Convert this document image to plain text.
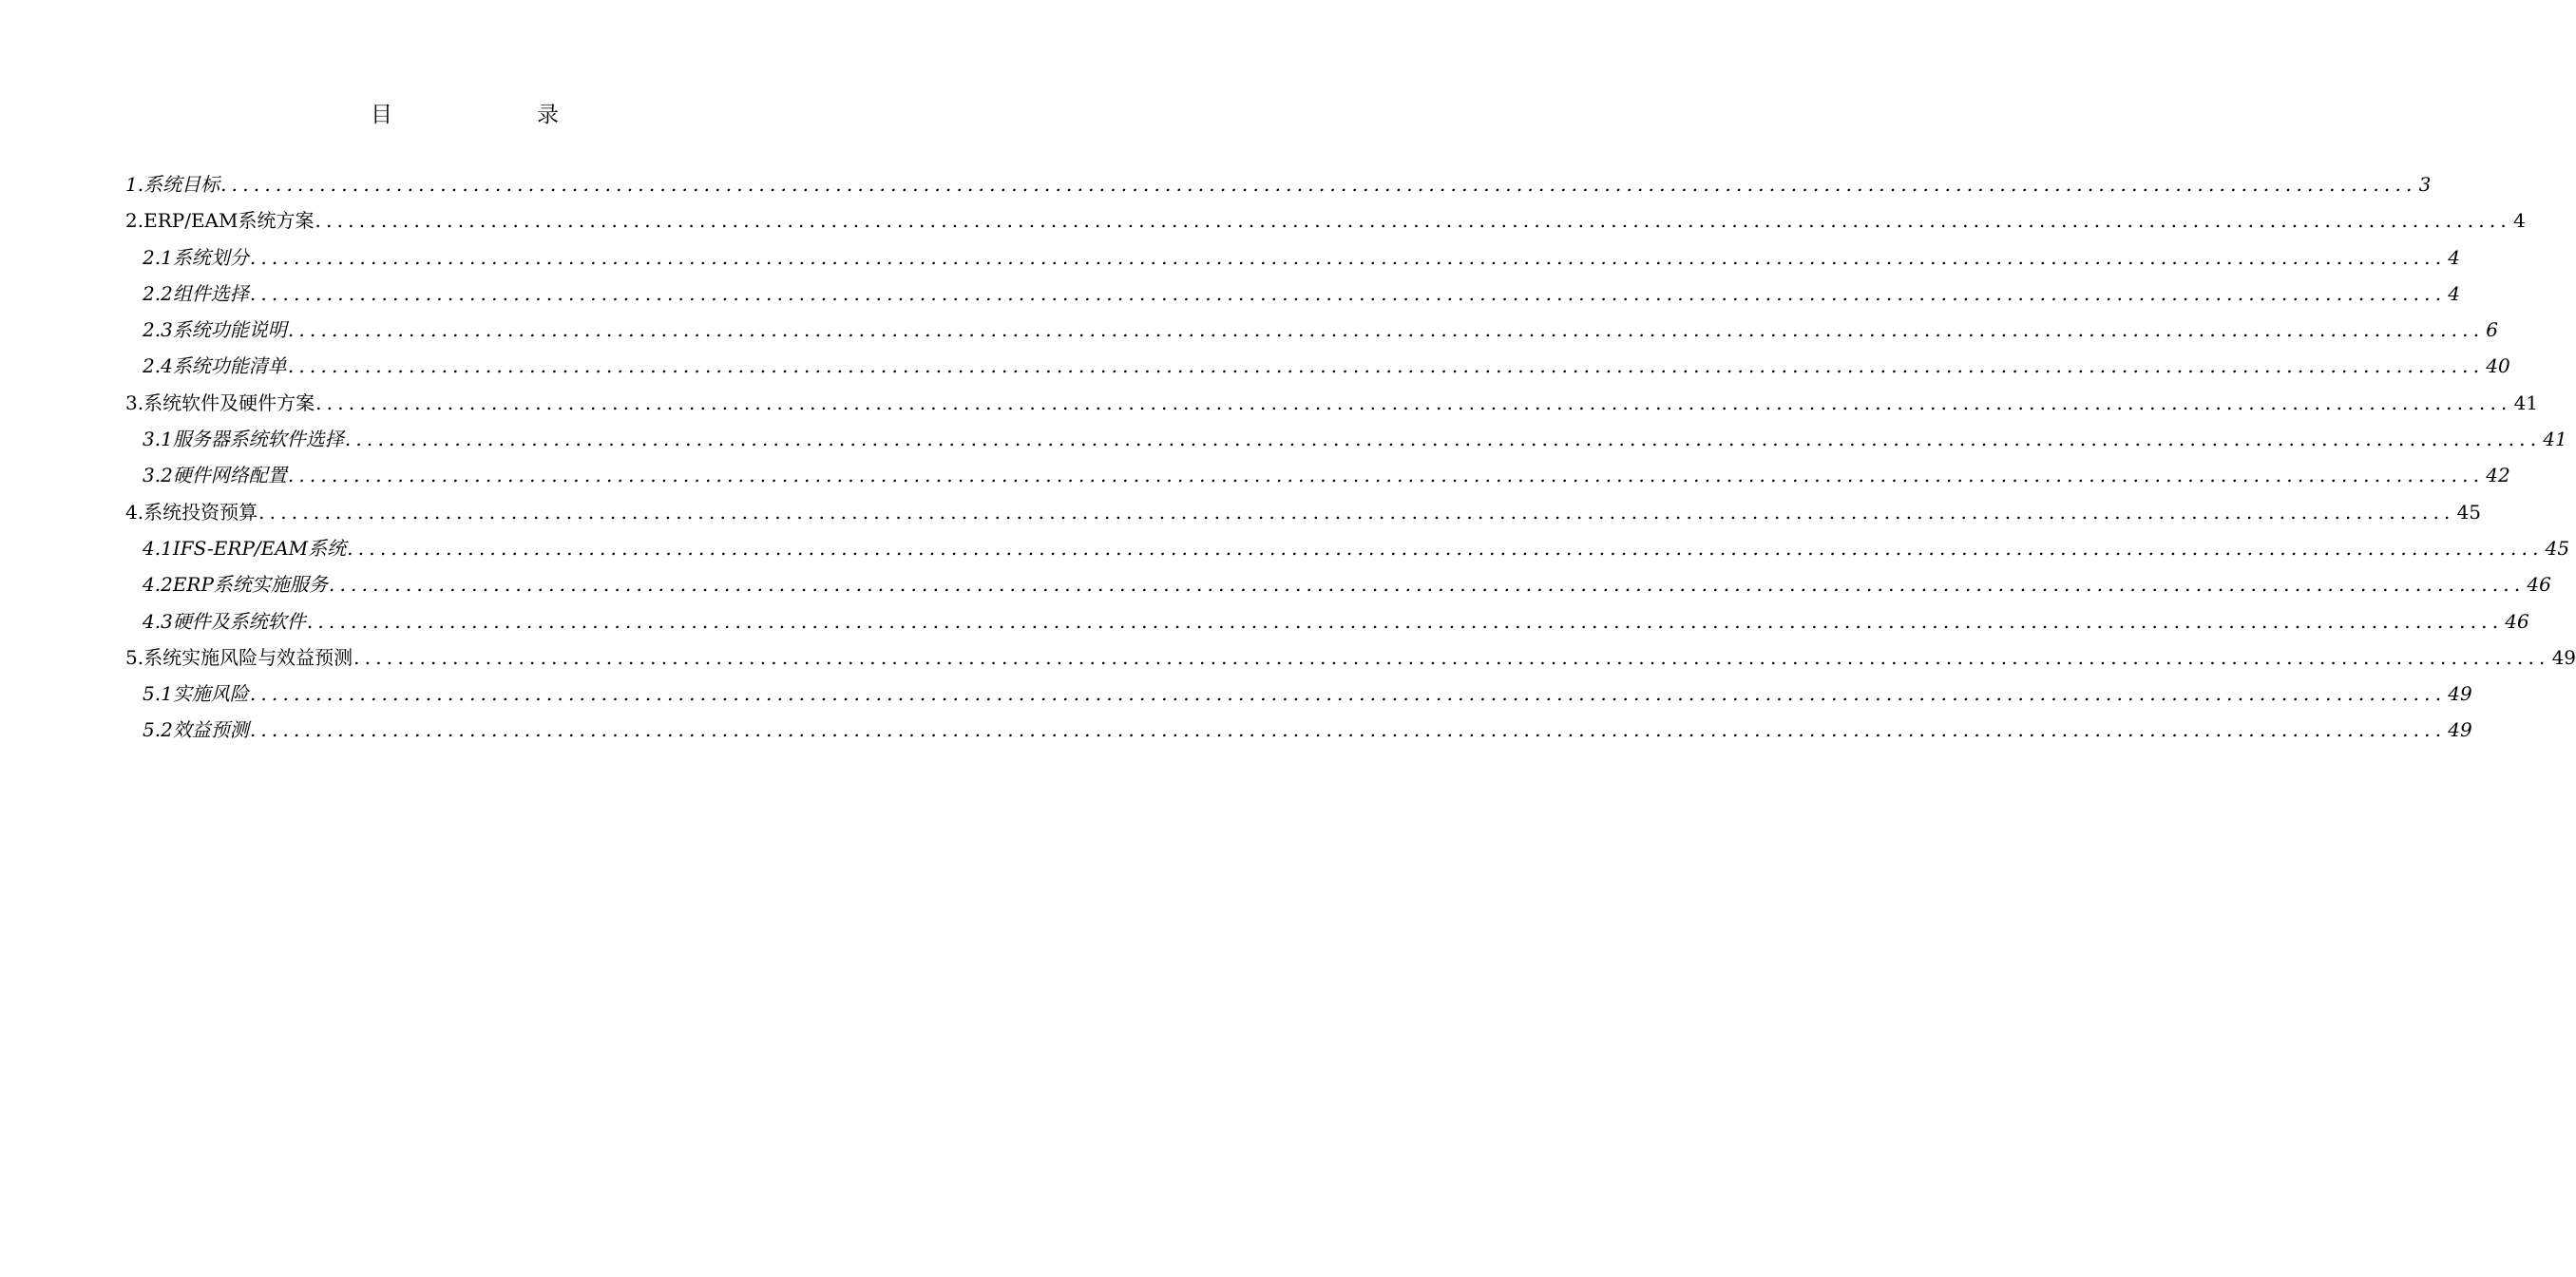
目	录
1. 系统目标 ........................................................................................................................................................................................................ 3
2. ERP/EAM系统方案 ........................................................................................................................................................................................................ 4
2.1 系统划分 ........................................................................................................................................................................................................ 4
2.2 组件选择 ........................................................................................................................................................................................................ 4
2.3 系统功能说明 ........................................................................................................................................................................................................ 6
2.4 系统功能清单 ........................................................................................................................................................................................................ 40
3. 系统软件及硬件方案 ........................................................................................................................................................................................................ 41
3.1 服务器系统软件选择 ........................................................................................................................................................................................................ 41
3.2 硬件网络配置 ........................................................................................................................................................................................................ 42
4. 系统投资预算 ........................................................................................................................................................................................................ 45
4.1 IFS-ERP/EAM系统 ........................................................................................................................................................................................................ 45
4.2 ERP系统实施服务 ........................................................................................................................................................................................................ 46
4.3 硬件及系统软件 ........................................................................................................................................................................................................ 46
5. 系统实施风险与效益预测 ........................................................................................................................................................................................................ 49
5.1 实施风险 ........................................................................................................................................................................................................ 49
5.2 效益预测 ........................................................................................................................................................................................................ 49
